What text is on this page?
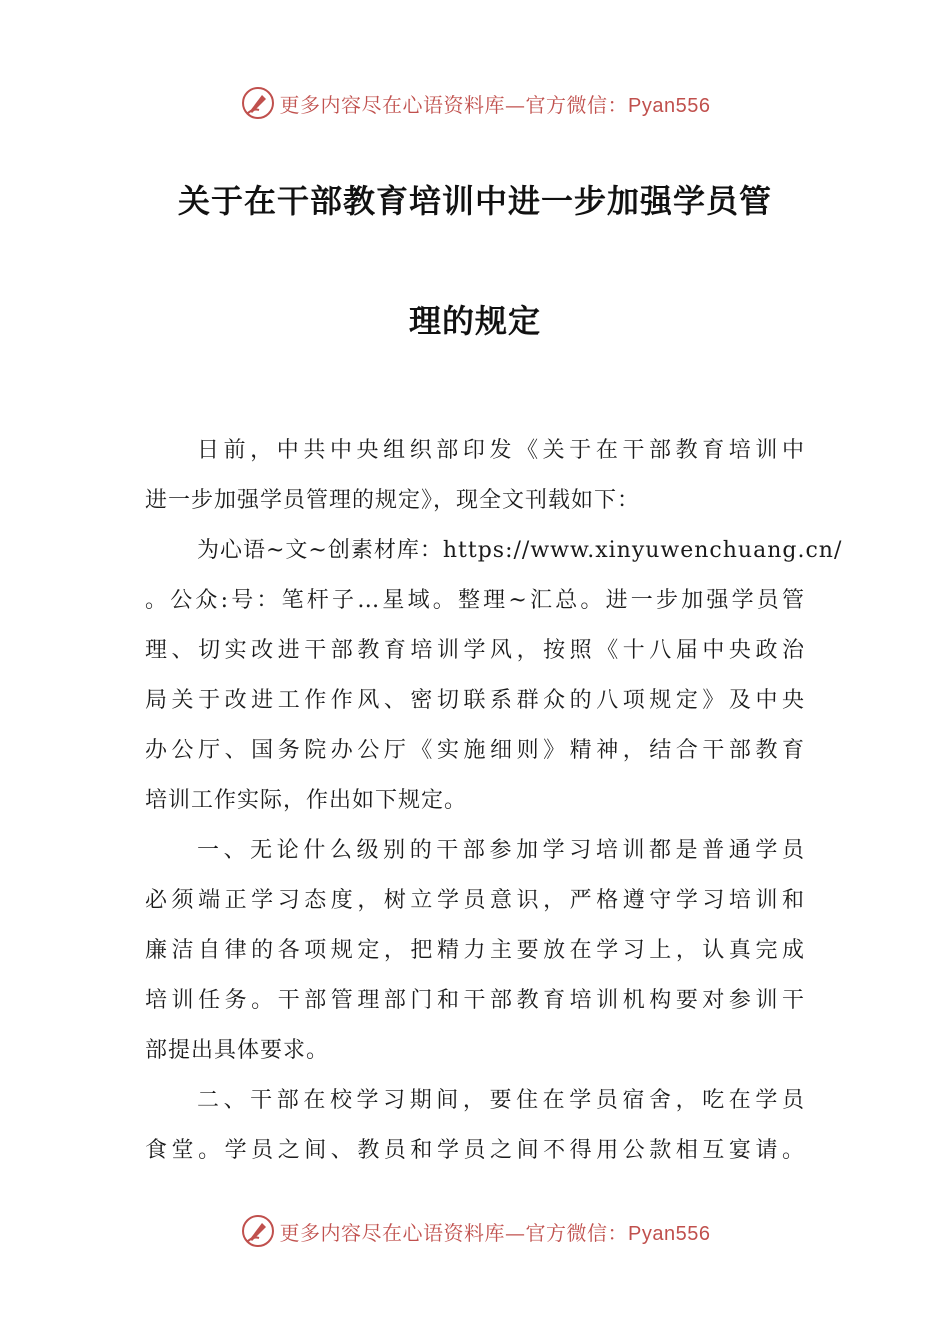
更多内容尽在心语资料库—官方微信：Pyan556
关于在干部教育培训中进一步加强学员管
理的规定
日前，中共中央组织部印发《关于在干部教育培训中
进一步加强学员管理的规定》，现全文刊载如下：
为心语~文~创素材库：https://www.xinyuwenchuang.cn/
。公众:号：笔杆子…星域。整理~汇总。进一步加强学员管
理、切实改进干部教育培训学风，按照《十八届中央政治
局关于改进工作作风、密切联系群众的八项规定》及中央
办公厅、国务院办公厅《实施细则》精神，结合干部教育
培训工作实际，作出如下规定。
一、无论什么级别的干部参加学习培训都是普通学员
必须端正学习态度，树立学员意识，严格遵守学习培训和
廉洁自律的各项规定，把精力主要放在学习上，认真完成
培训任务。干部管理部门和干部教育培训机构要对参训干
部提出具体要求。
二、干部在校学习期间，要住在学员宿舍，吃在学员
食堂。学员之间、教员和学员之间不得用公款相互宴请。
更多内容尽在心语资料库—官方微信：Pyan556
